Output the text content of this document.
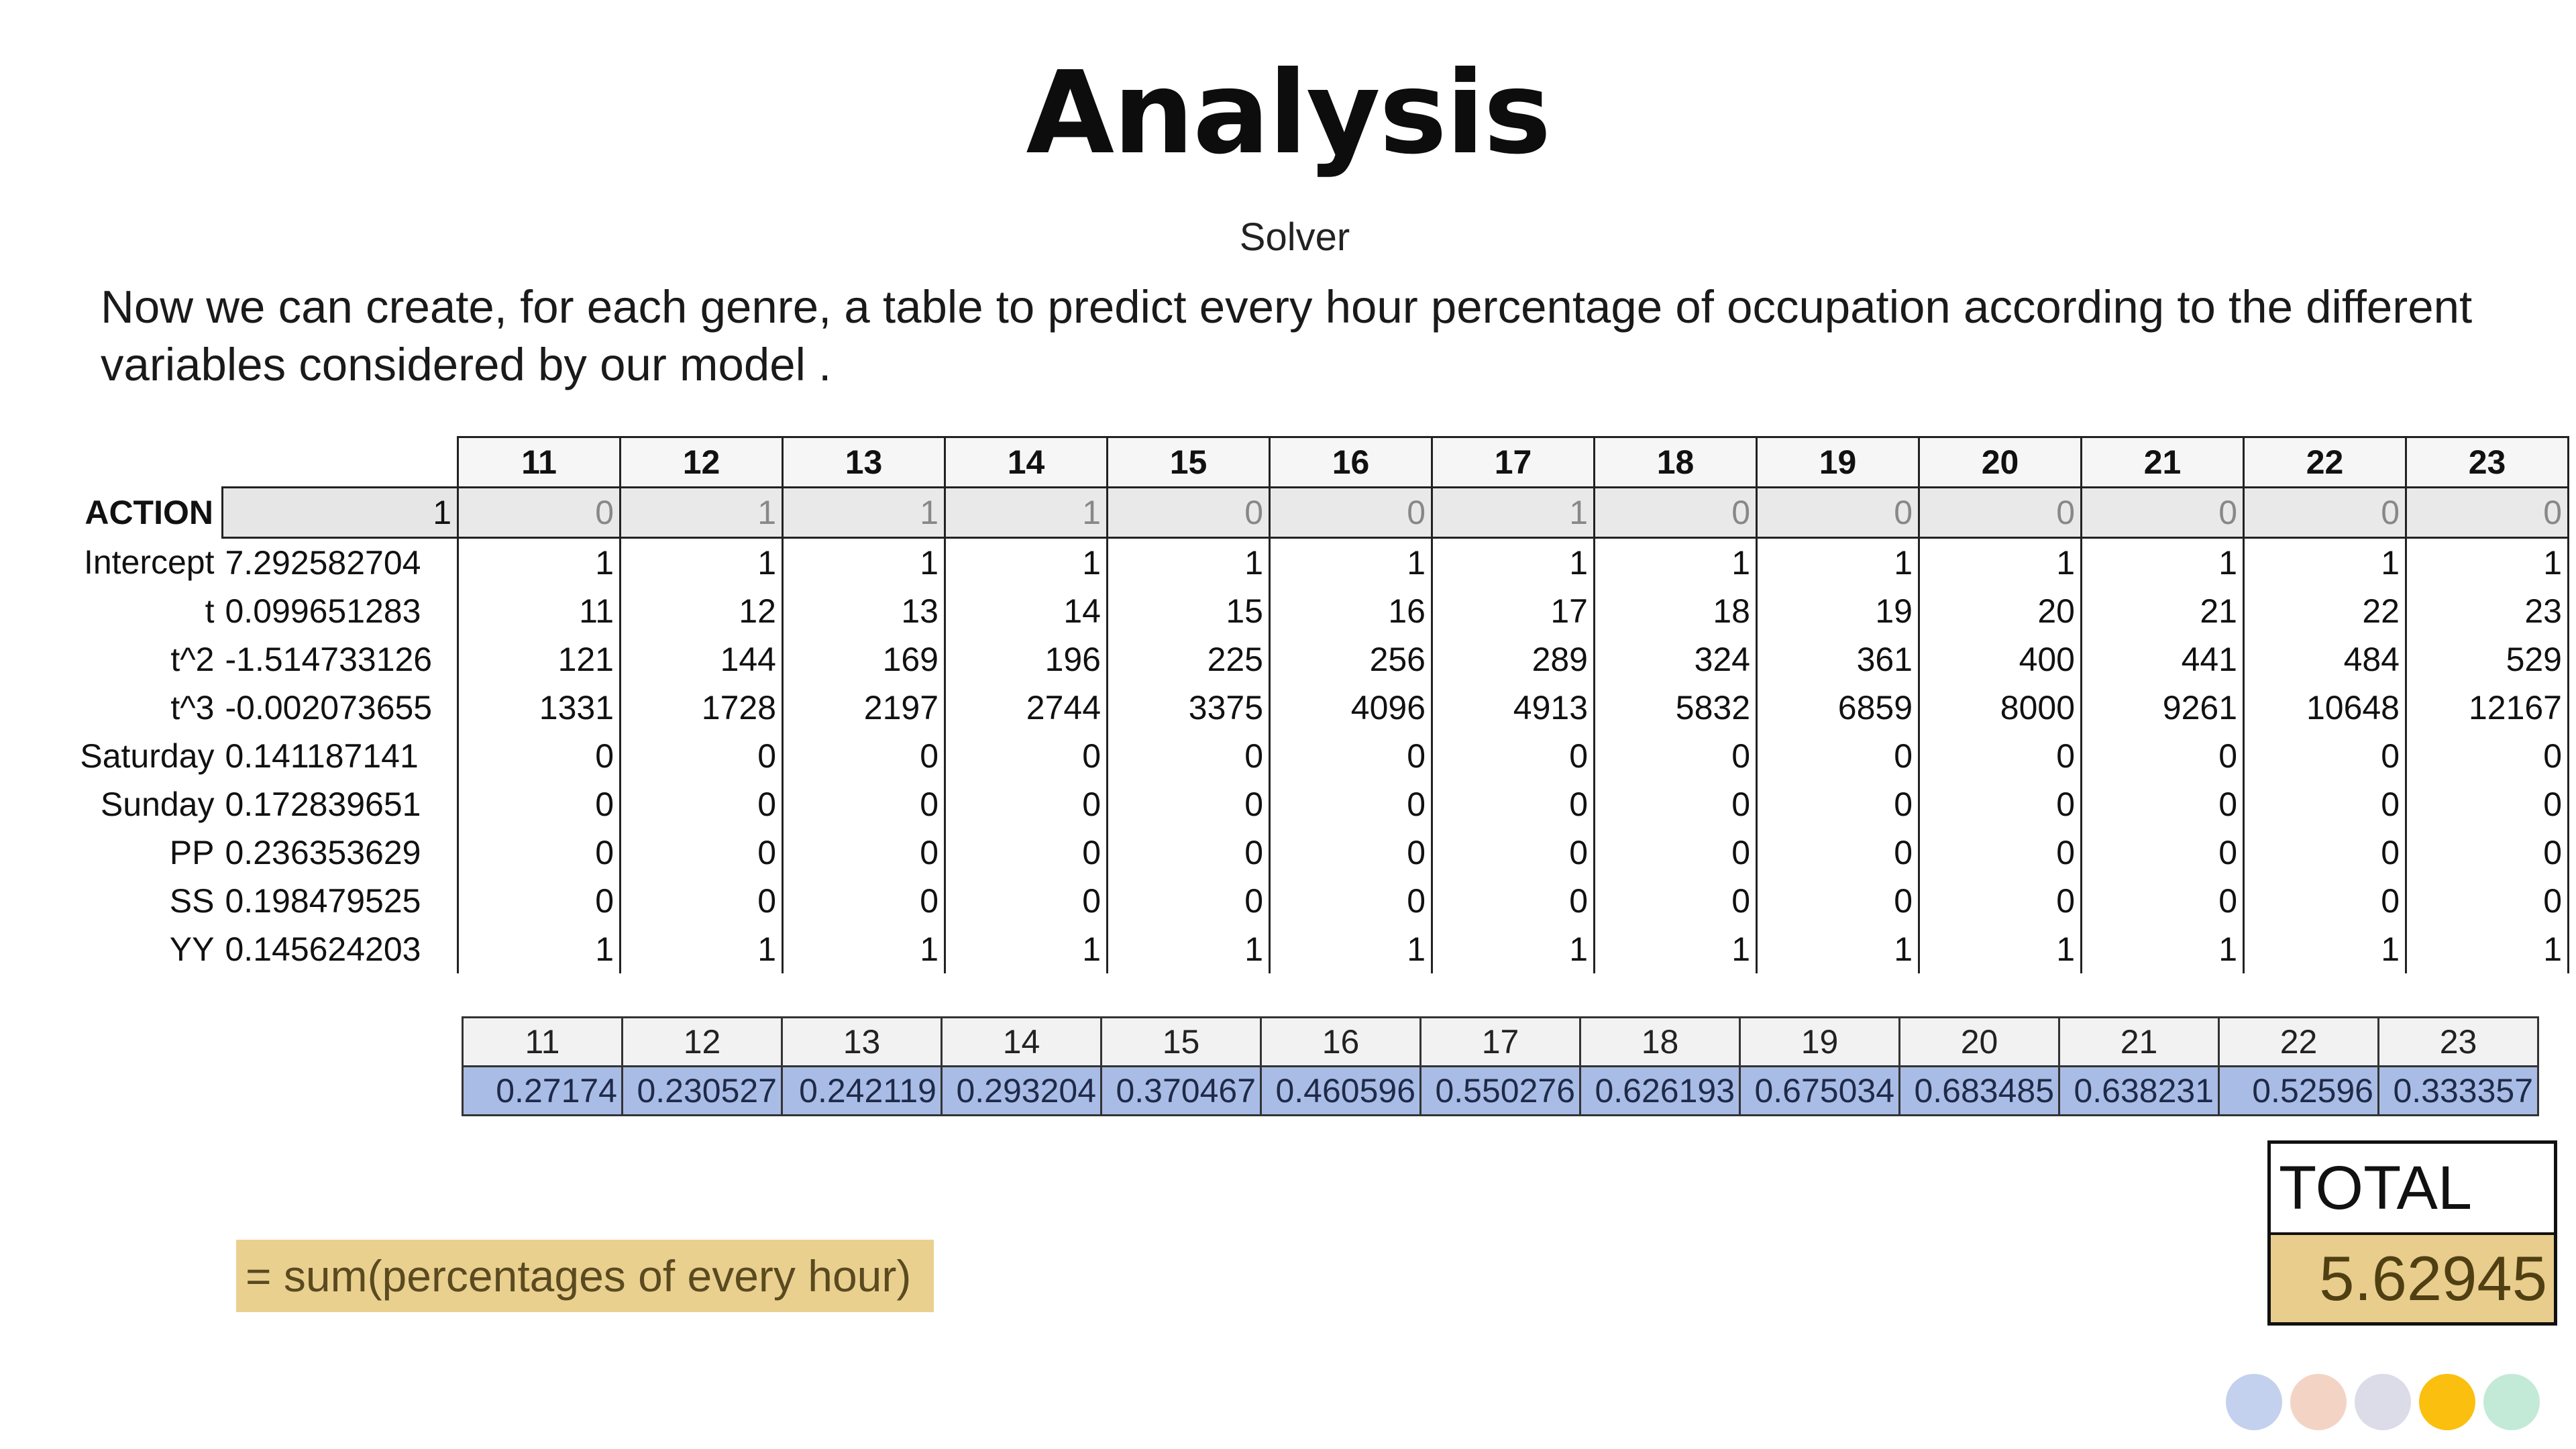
Analysis
Solver
Now we can create, for each genre, a table to predict every hour percentage of occupation according to the different variables considered by our model .
		11	12	13	14	15	16	17	18	19	20	21	22	23
ACTION	1	0	1	1	1	0	0	1	0	0	0	0	0	0
Intercept	7.292582704	1	1	1	1	1	1	1	1	1	1	1	1	1
t	0.099651283	11	12	13	14	15	16	17	18	19	20	21	22	23
t^2	-1.514733126	121	144	169	196	225	256	289	324	361	400	441	484	529
t^3	-0.002073655	1331	1728	2197	2744	3375	4096	4913	5832	6859	8000	9261	10648	12167
Saturday	0.141187141	0	0	0	0	0	0	0	0	0	0	0	0	0
Sunday	0.172839651	0	0	0	0	0	0	0	0	0	0	0	0	0
PP	0.236353629	0	0	0	0	0	0	0	0	0	0	0	0	0
SS	0.198479525	0	0	0	0	0	0	0	0	0	0	0	0	0
YY	0.145624203	1	1	1	1	1	1	1	1	1	1	1	1	1
11	12	13	14	15	16	17	18	19	20	21	22	23
0.27174	0.230527	0.242119	0.293204	0.370467	0.460596	0.550276	0.626193	0.675034	0.683485	0.638231	0.52596	0.333357
= sum(percentages of every hour)
TOTAL
5.62945
